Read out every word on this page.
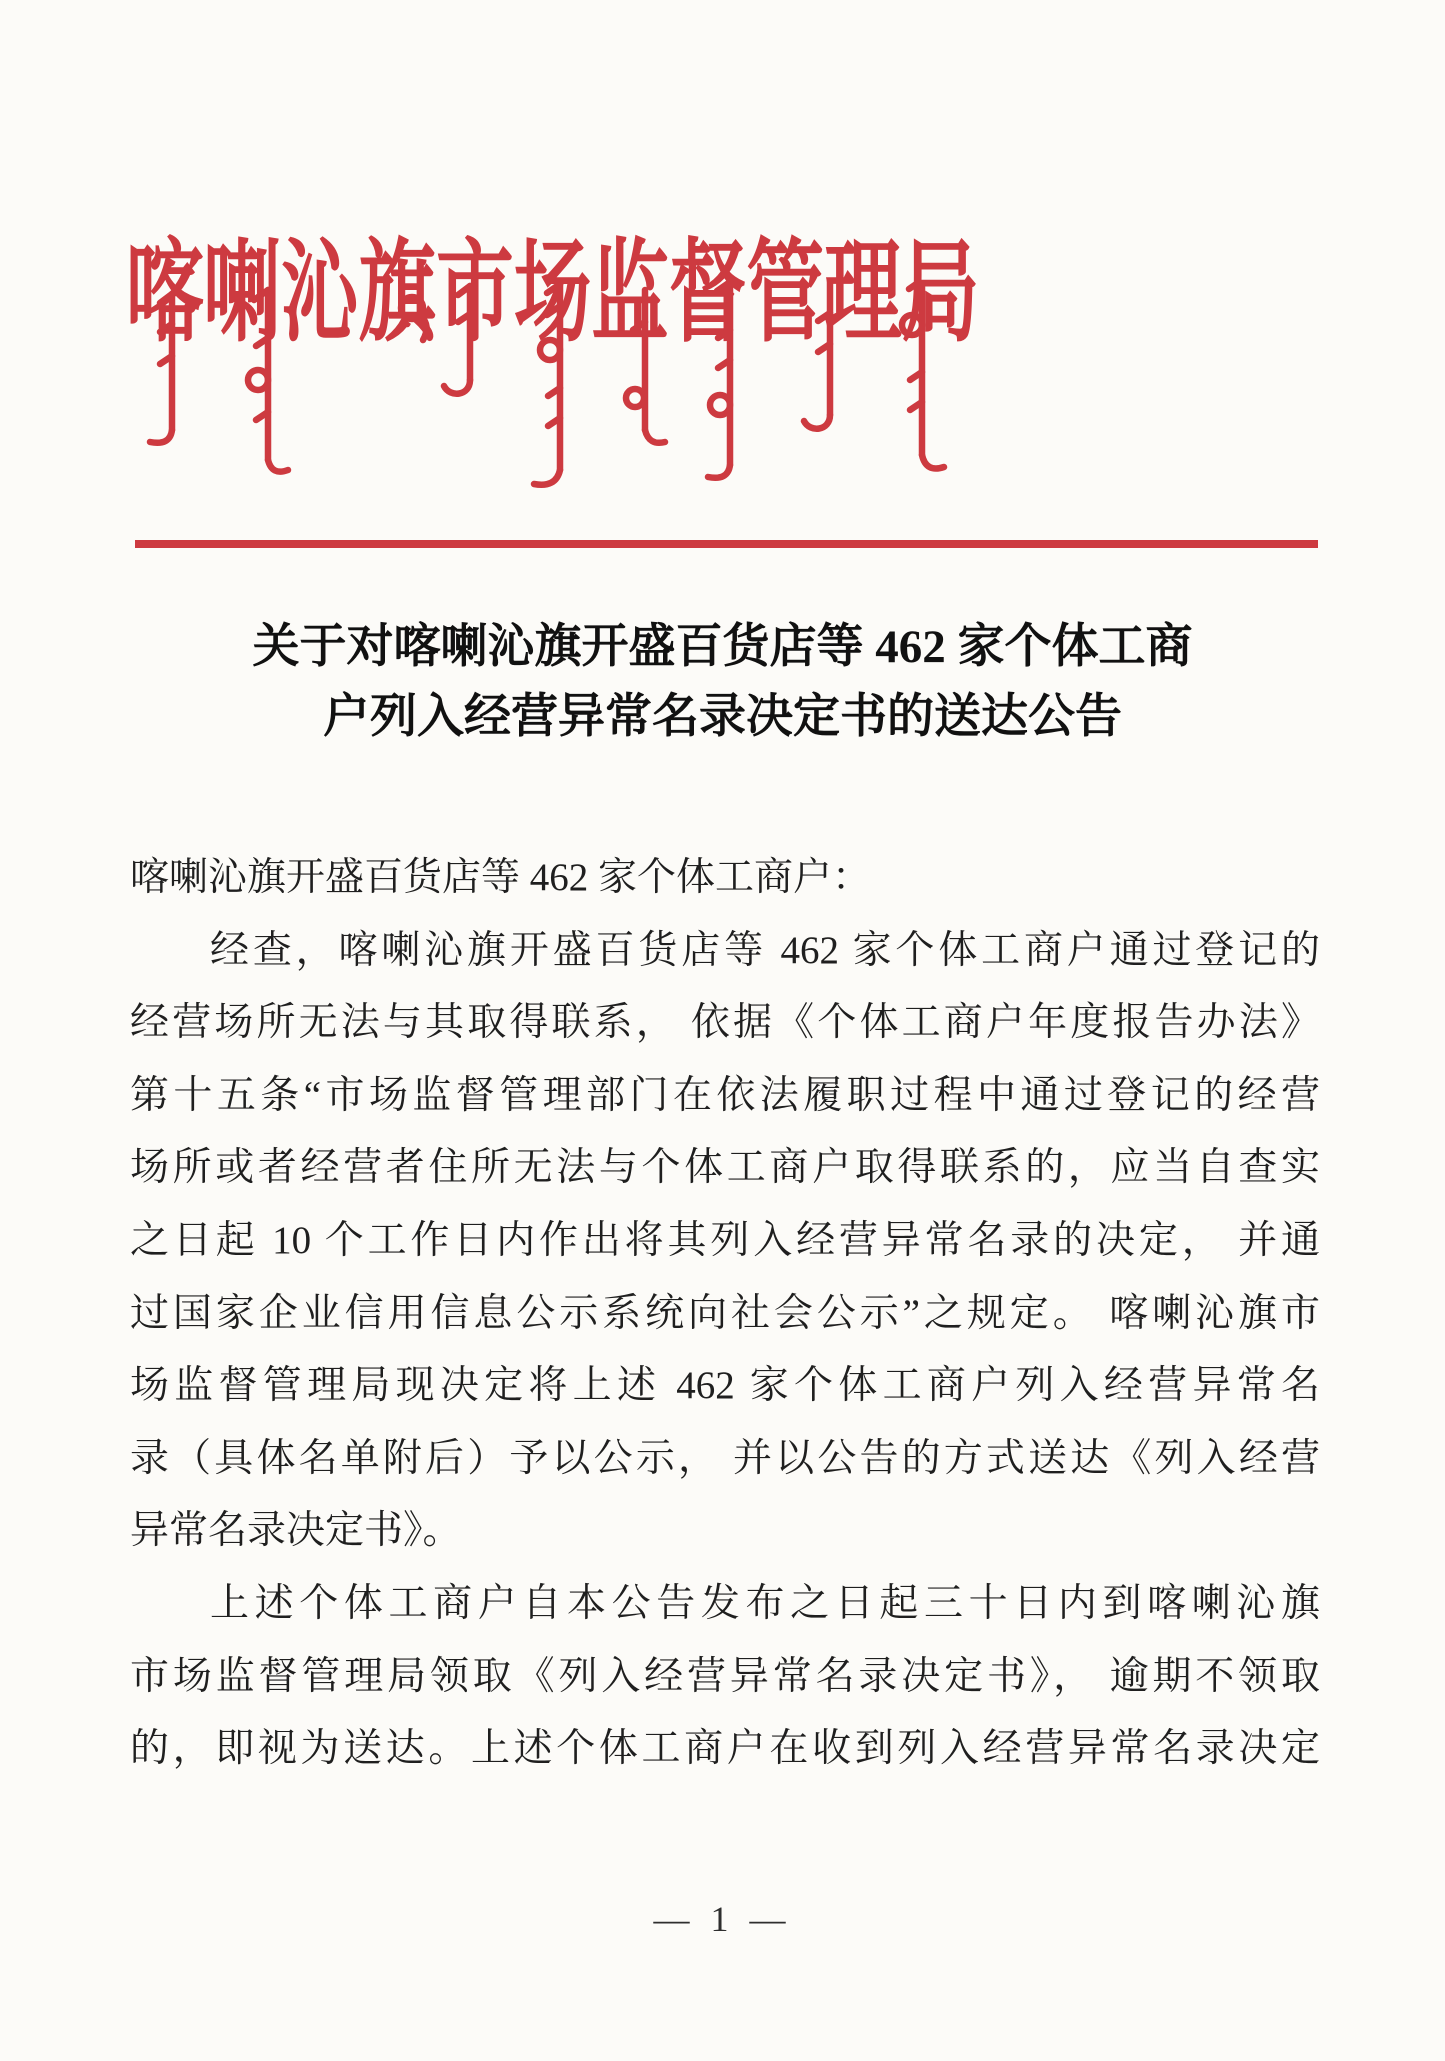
喀喇沁旗市场监督管理局
关于对喀喇沁旗开盛百货店等 462 家个体工商
户列入经营异常名录决定书的送达公告
喀喇沁旗开盛百货店等 462 家个体工商户：
经查，喀喇沁旗开盛百货店等 462 家个体工商户通过登记的
经营场所无法与其取得联系， 依据《个体工商户年度报告办法》
第十五条“市场监督管理部门在依法履职过程中通过登记的经营
场所或者经营者住所无法与个体工商户取得联系的，应当自查实
之日起 10 个工作日内作出将其列入经营异常名录的决定， 并通
过国家企业信用信息公示系统向社会公示”之规定。 喀喇沁旗市
场监督管理局现决定将上述 462 家个体工商户列入经营异常名
录（具体名单附后）予以公示， 并以公告的方式送达《列入经营
异常名录决定书》。
上述个体工商户自本公告发布之日起三十日内到喀喇沁旗
市场监督管理局领取《列入经营异常名录决定书》， 逾期不领取
的，即视为送达。上述个体工商户在收到列入经营异常名录决定
— 1 —
